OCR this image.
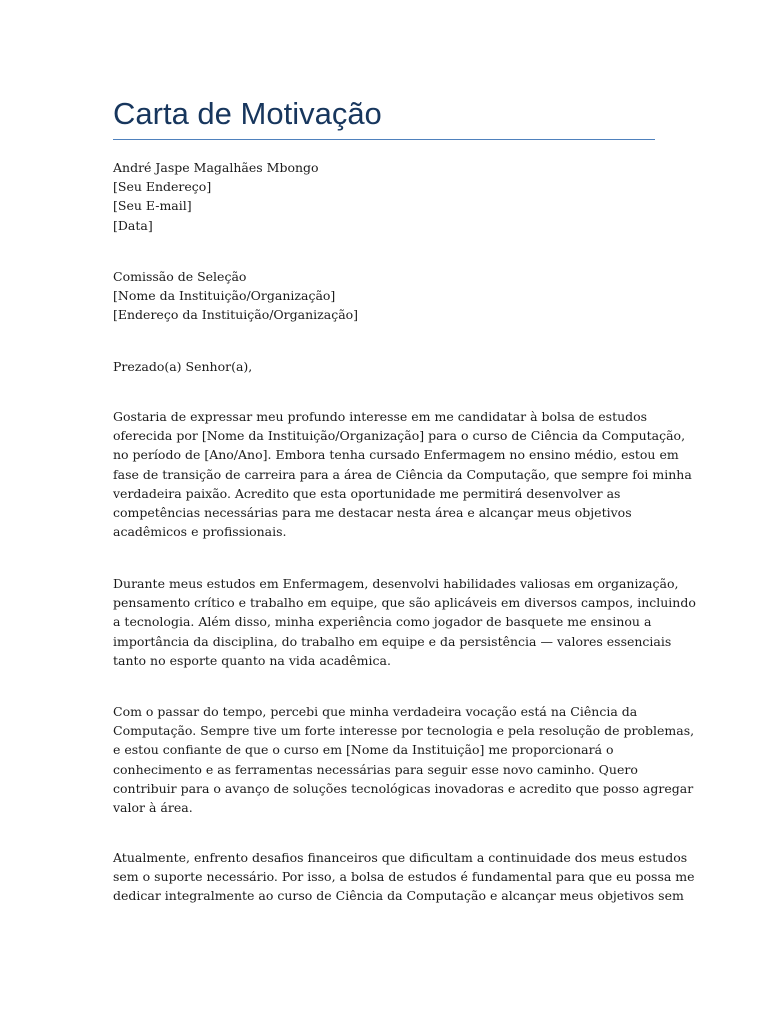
Carta de Motivação
André Jaspe Magalhães Mbongo
[Seu Endereço]
[Seu E-mail]
[Data]
Comissão de Seleção
[Nome da Instituição/Organização]
[Endereço da Instituição/Organização]
Prezado(a) Senhor(a),
Gostaria de expressar meu profundo interesse em me candidatar à bolsa de estudos
oferecida por [Nome da Instituição/Organização] para o curso de Ciência da Computação,
no período de [Ano/Ano]. Embora tenha cursado Enfermagem no ensino médio, estou em
fase de transição de carreira para a área de Ciência da Computação, que sempre foi minha
verdadeira paixão. Acredito que esta oportunidade me permitirá desenvolver as
competências necessárias para me destacar nesta área e alcançar meus objetivos
acadêmicos e profissionais.
Durante meus estudos em Enfermagem, desenvolvi habilidades valiosas em organização,
pensamento crítico e trabalho em equipe, que são aplicáveis em diversos campos, incluindo
a tecnologia. Além disso, minha experiência como jogador de basquete me ensinou a
importância da disciplina, do trabalho em equipe e da persistência — valores essenciais
tanto no esporte quanto na vida acadêmica.
Com o passar do tempo, percebi que minha verdadeira vocação está na Ciência da
Computação. Sempre tive um forte interesse por tecnologia e pela resolução de problemas,
e estou confiante de que o curso em [Nome da Instituição] me proporcionará o
conhecimento e as ferramentas necessárias para seguir esse novo caminho. Quero
contribuir para o avanço de soluções tecnológicas inovadoras e acredito que posso agregar
valor à área.
Atualmente, enfrento desafios financeiros que dificultam a continuidade dos meus estudos
sem o suporte necessário. Por isso, a bolsa de estudos é fundamental para que eu possa me
dedicar integralmente ao curso de Ciência da Computação e alcançar meus objetivos sem
